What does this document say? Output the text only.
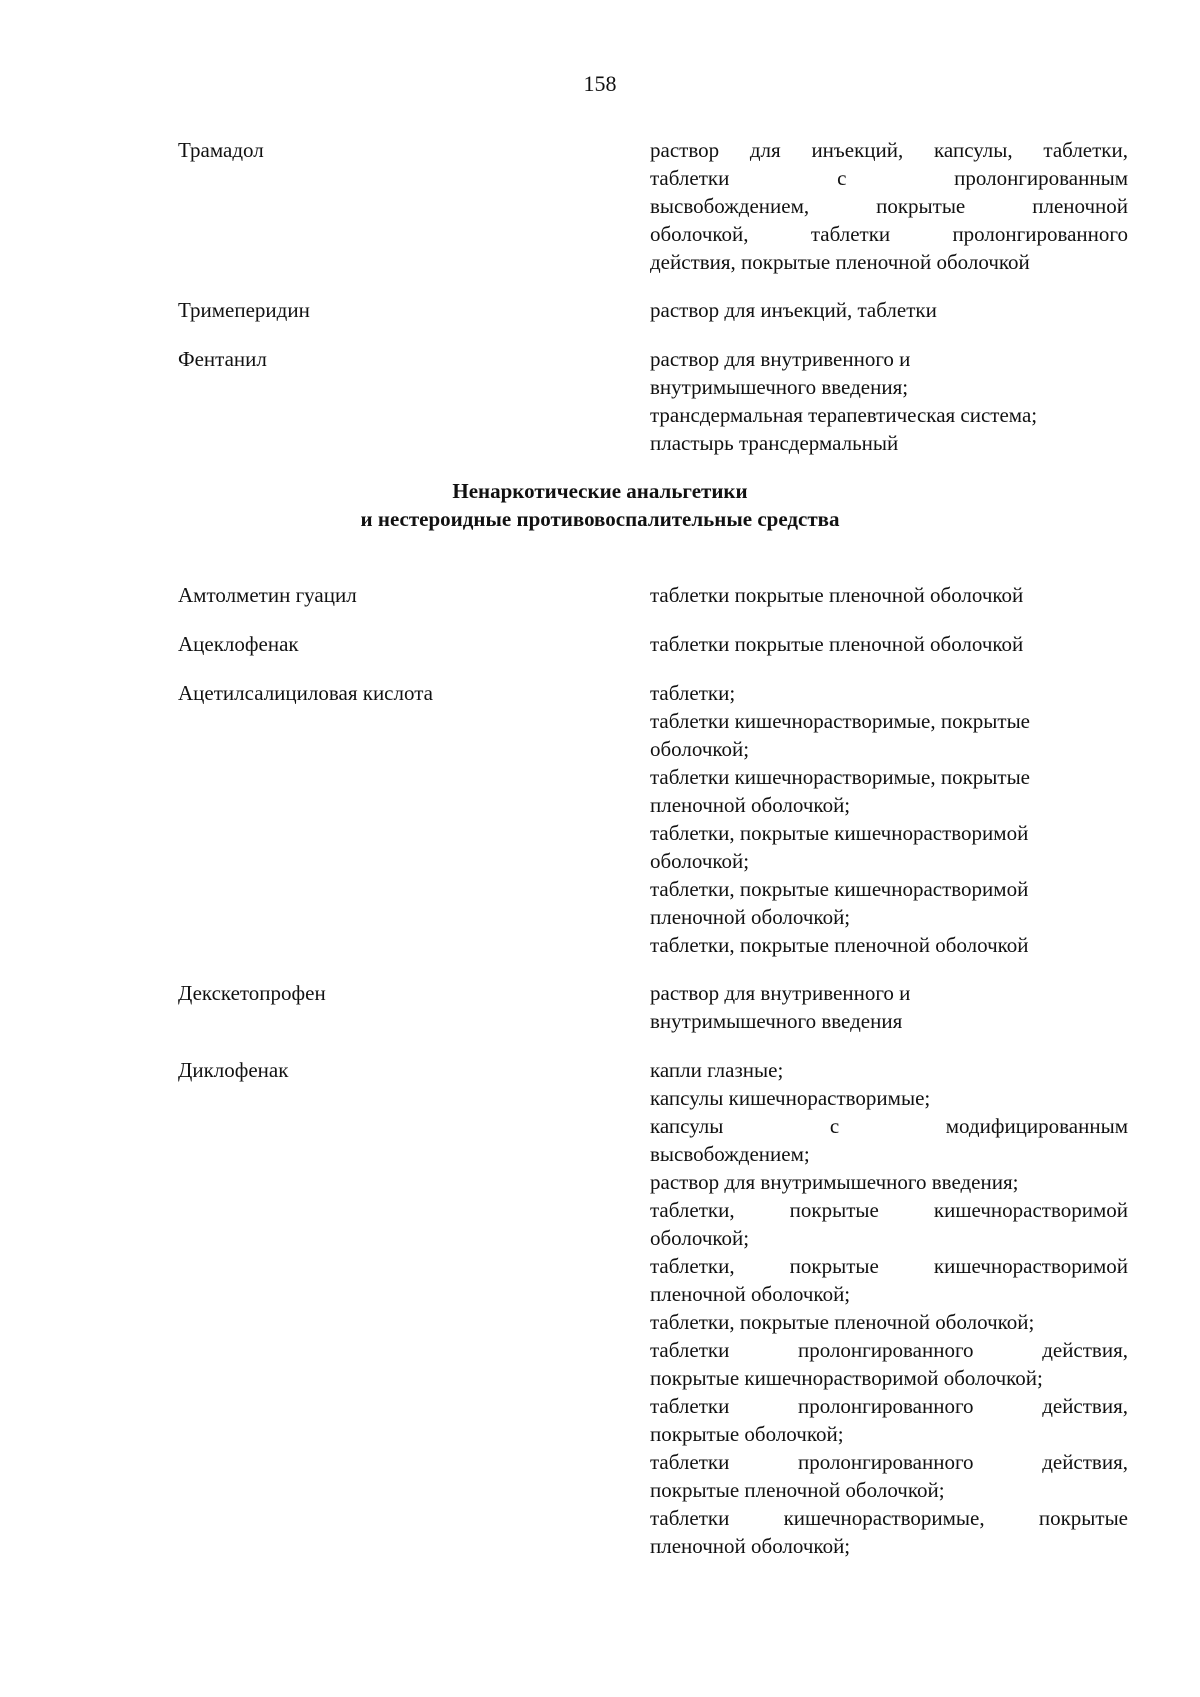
158
Трамадол	раствор для инъекций, капсулы, таблетки,
таблетки с пролонгированным
высвобождением, покрытые пленочной
оболочкой, таблетки пролонгированного
действия, покрытые пленочной оболочкой
Тримеперидин	раствор для инъекций, таблетки
Фентанил	раствор для внутривенного и
внутримышечного введения;
трансдермальная терапевтическая система;
пластырь трансдермальный
Ненаркотические анальгетики
и нестероидные противовоспалительные средства
Амтолметин гуацил	таблетки покрытые пленочной оболочкой
Ацеклофенак	таблетки покрытые пленочной оболочкой
Ацетилсалициловая кислота	таблетки;
таблетки кишечнорастворимые, покрытые
оболочкой;
таблетки кишечнорастворимые, покрытые
пленочной оболочкой;
таблетки, покрытые кишечнорастворимой
оболочкой;
таблетки, покрытые кишечнорастворимой
пленочной оболочкой;
таблетки, покрытые пленочной оболочкой
Декскетопрофен	раствор для внутривенного и
внутримышечного введения
Диклофенак	капли глазные;
капсулы кишечнорастворимые;
капсулы с модифицированным
высвобождением;
раствор для внутримышечного введения;
таблетки, покрытые кишечнорастворимой
оболочкой;
таблетки, покрытые кишечнорастворимой
пленочной оболочкой;
таблетки, покрытые пленочной оболочкой;
таблетки пролонгированного действия,
покрытые кишечнорастворимой оболочкой;
таблетки пролонгированного действия,
покрытые оболочкой;
таблетки пролонгированного действия,
покрытые пленочной оболочкой;
таблетки кишечнорастворимые, покрытые
пленочной оболочкой;
